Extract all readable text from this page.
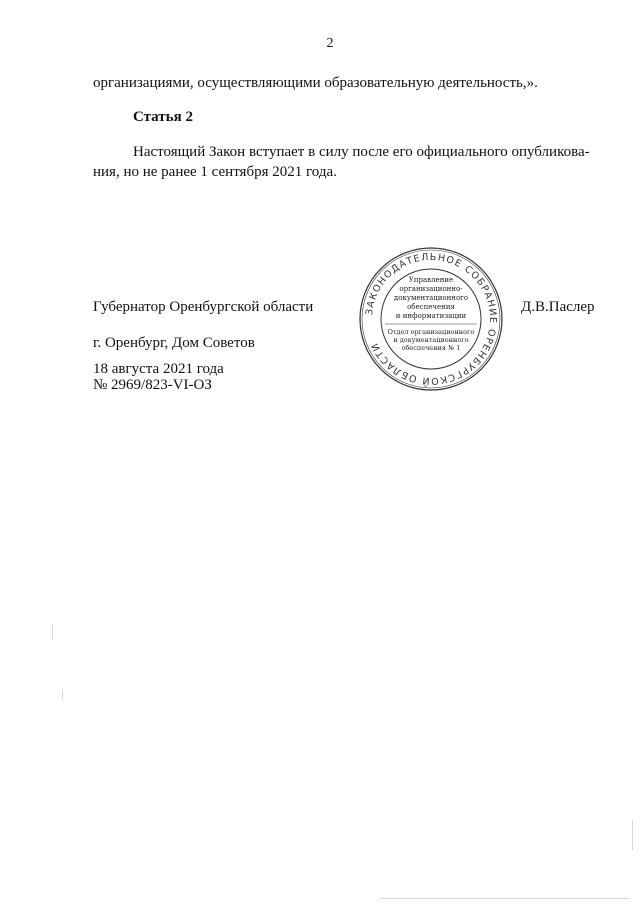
2
организациями, осуществляющими образовательную деятельность,».
Статья 2
Настоящий Закон вступает в силу после его официального опубликова-
ния, но не ранее 1 сентября 2021 года.
Губернатор Оренбургской области	Д.В.Паслер
г. Оренбург, Дом Советов
18 августа 2021 года
№ 2969/823-VI-ОЗ
ЗАКОНОДАТЕЛЬНОЕ СОБРАНИЕ ОРЕНБУРГСКОЙ ОБЛАСТИ
Управление
организационно-
документационного
обеспечения
и информатизации
Отдел организационного
и документационного
обеспечения № 1
